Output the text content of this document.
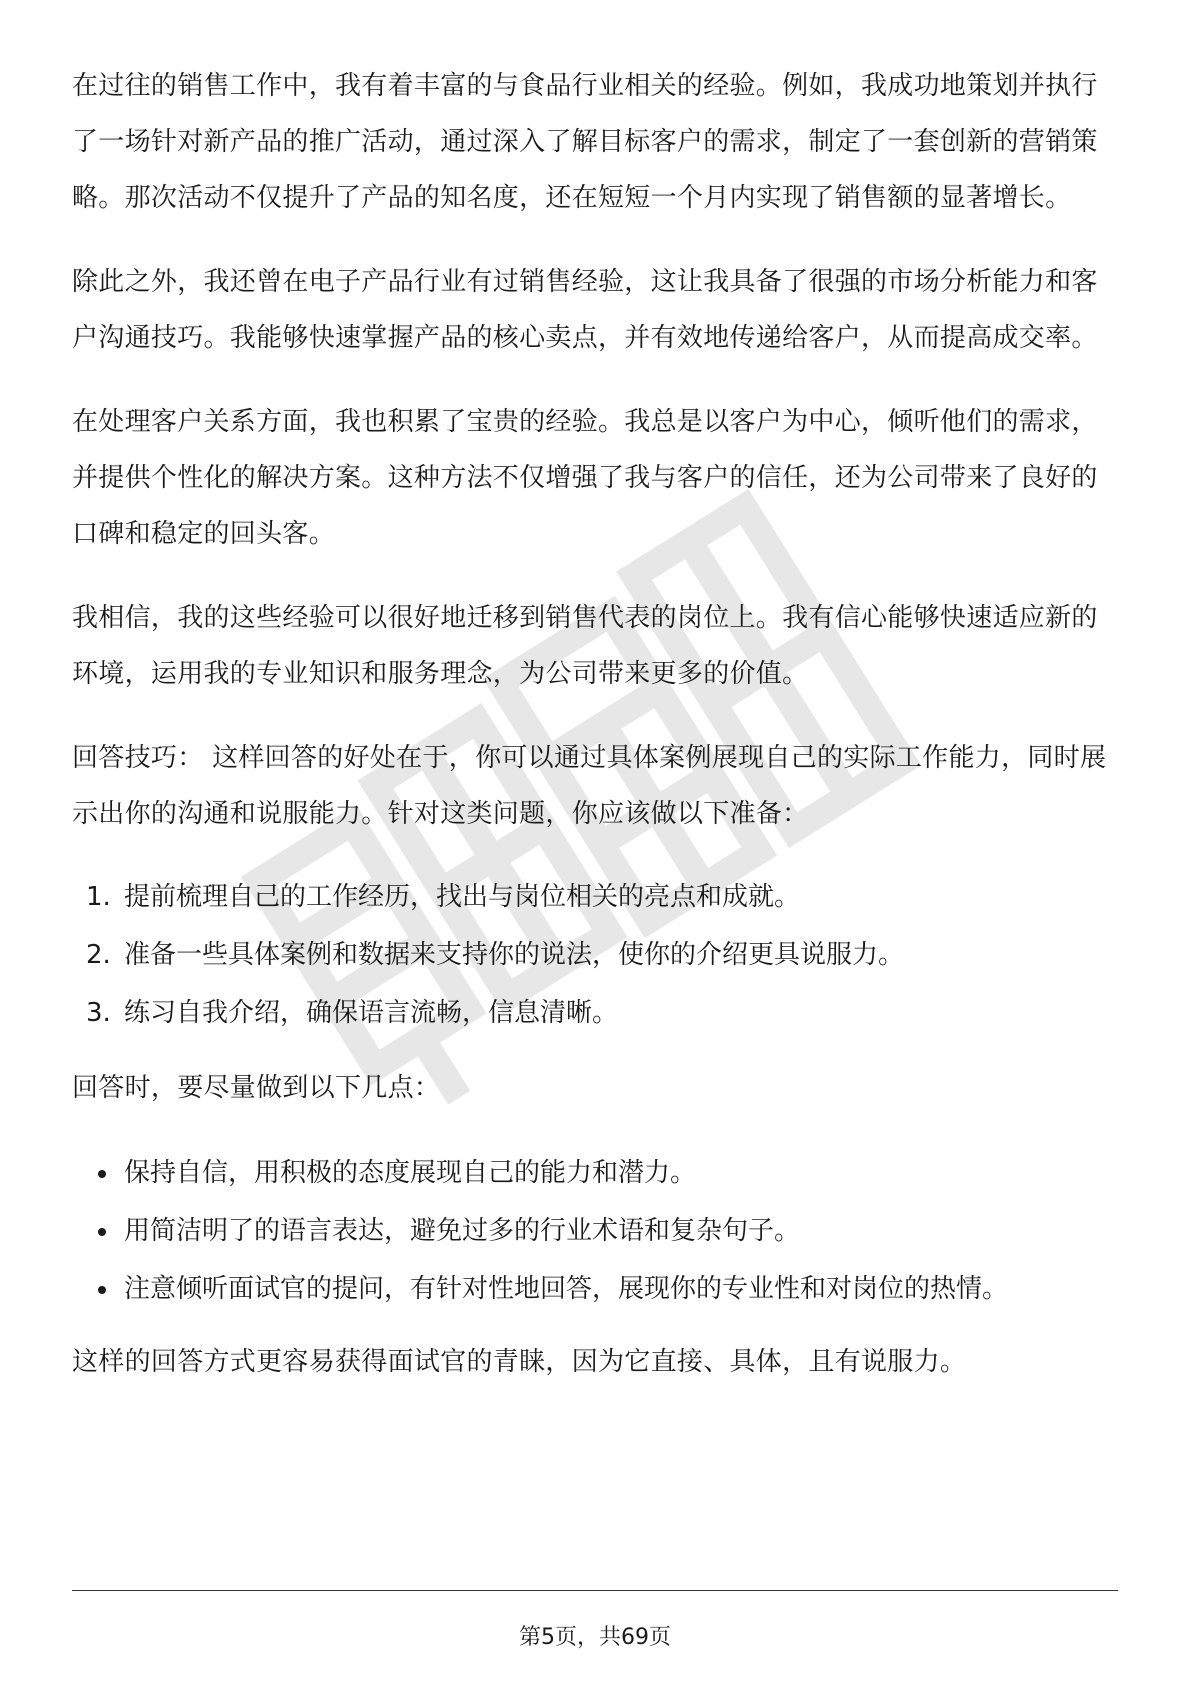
在过往的销售工作中，我有着丰富的与食品行业相关的经验。例如，我成功地策划并执行了一场针对新产品的推广活动，通过深入了解目标客户的需求，制定了一套创新的营销策略。那次活动不仅提升了产品的知名度，还在短短一个月内实现了销售额的显著增长。

除此之外，我还曾在电子产品行业有过销售经验，这让我具备了很强的市场分析能力和客户沟通技巧。我能够快速掌握产品的核心卖点，并有效地传递给客户，从而提高成交率。

在处理客户关系方面，我也积累了宝贵的经验。我总是以客户为中心，倾听他们的需求，并提供个性化的解决方案。这种方法不仅增强了我与客户的信任，还为公司带来了良好的口碑和稳定的回头客。

我相信，我的这些经验可以很好地迁移到销售代表的岗位上。我有信心能够快速适应新的环境，运用我的专业知识和服务理念，为公司带来更多的价值。

回答技巧： 这样回答的好处在于，你可以通过具体案例展现自己的实际工作能力，同时展示出你的沟通和说服能力。针对这类问题，你应该做以下准备：

1. 提前梳理自己的工作经历，找出与岗位相关的亮点和成就。
2. 准备一些具体案例和数据来支持你的说法，使你的介绍更具说服力。
3. 练习自我介绍，确保语言流畅，信息清晰。

回答时，要尽量做到以下几点：

保持自信，用积极的态度展现自己的能力和潜力。
用简洁明了的语言表达，避免过多的行业术语和复杂句子。
注意倾听面试官的提问，有针对性地回答，展现你的专业性和对岗位的热情。

这样的回答方式更容易获得面试官的青睐，因为它直接、具体，且有说服力。

第5页，共69页
